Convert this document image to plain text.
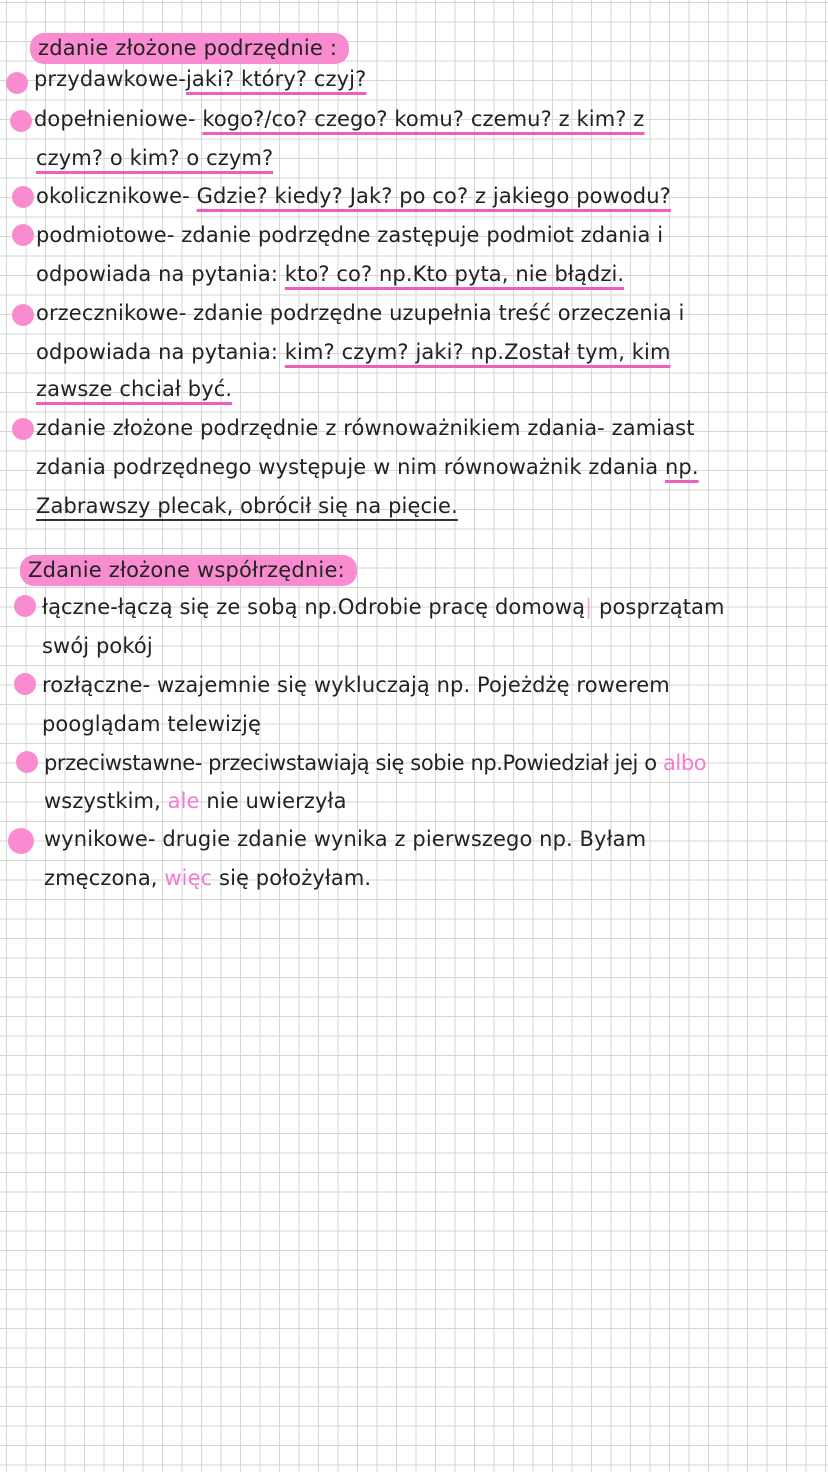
zdanie złożone podrzędnie :
przydawkowe-jaki? który? czyj?
dopełnieniowe- kogo?/co? czego? komu? czemu? z kim? z
czym? o kim? o czym?
okolicznikowe- Gdzie? kiedy? Jak? po co? z jakiego powodu?
podmiotowe- zdanie podrzędne zastępuje podmiot zdania i
odpowiada na pytania: kto? co? np.Kto pyta, nie błądzi.
orzecznikowe- zdanie podrzędne uzupełnia treść orzeczenia i
odpowiada na pytania: kim? czym? jaki? np.Został tym, kim
zawsze chciał być.
zdanie złożone podrzędnie z równoważnikiem zdania- zamiast
zdania podrzędnego występuje w nim równoważnik zdania np.
Zabrawszy plecak, obrócił się na pięcie.
Zdanie złożone współrzędnie:
łączne-łączą się ze sobą np.Odrobie pracę domową| posprzątam
swój pokój
rozłączne- wzajemnie się wykluczają np. Pojeżdżę rowerem
pooglądam telewizję
przeciwstawne- przeciwstawiają się sobie np.Powiedział jej o albo
wszystkim, ale nie uwierzyła
wynikowe- drugie zdanie wynika z pierwszego np. Byłam
zmęczona, więc się położyłam.
